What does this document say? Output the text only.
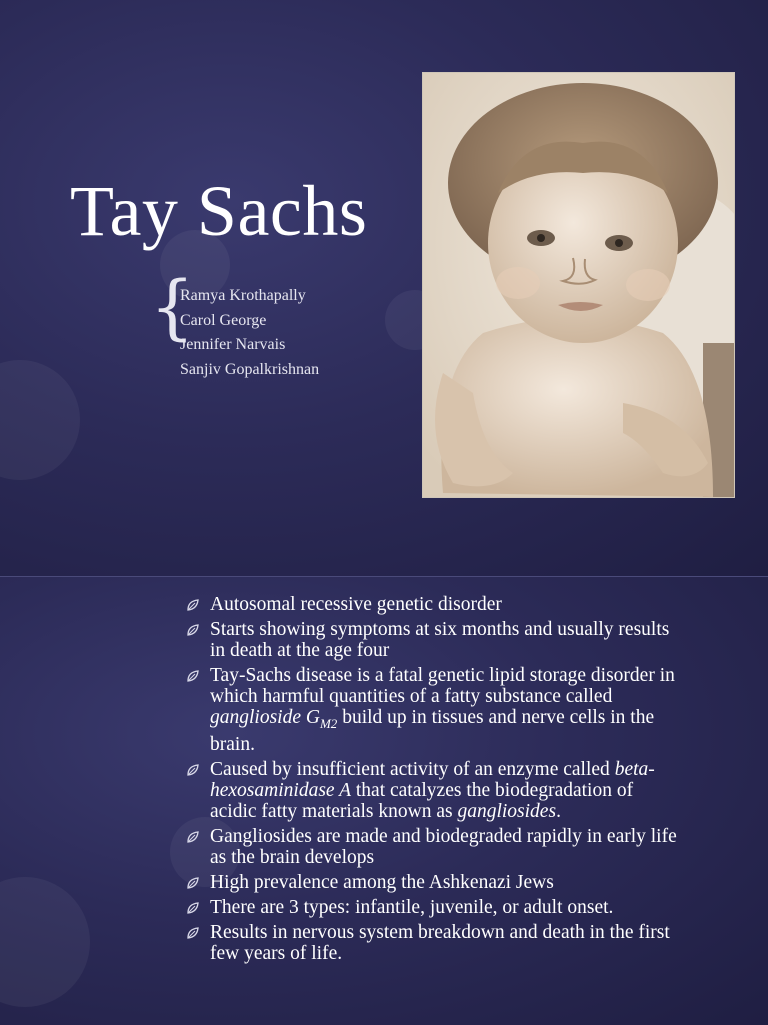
Tay Sachs
{
Ramya Krothapally
Carol George
Jennifer Narvais
Sanjiv Gopalkrishnan
Autosomal recessive genetic disorder
Starts showing symptoms at six months and usually results in death at the age four
Tay-Sachs disease is a fatal genetic lipid storage disorder in which harmful quantities of a fatty substance called ganglioside $G_{M2}$ build up in tissues and nerve cells in the brain.
Caused by insufficient activity of an enzyme called beta-hexosaminidase A that catalyzes the biodegradation of acidic fatty materials known as gangliosides.
Gangliosides are made and biodegraded rapidly in early life as the brain develops
High prevalence among the Ashkenazi Jews
There are 3 types: infantile, juvenile, or adult onset.
Results in nervous system breakdown and death in the first few years of life.
